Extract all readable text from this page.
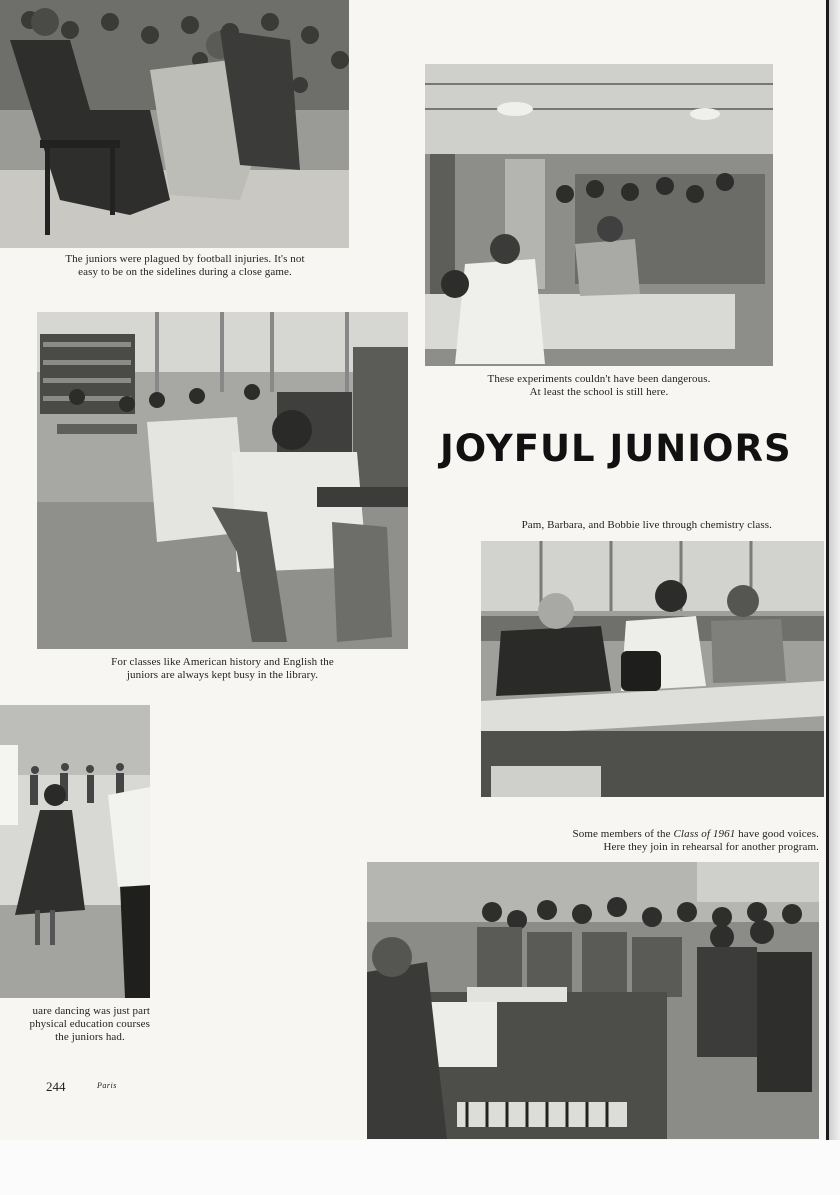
The juniors were plagued by football injuries. It's not
easy to be on the sidelines during a close game.
These experiments couldn't have been dangerous.
At least the school is still here.
JOYFUL JUNIORS
For classes like American history and English the
juniors are always kept busy in the library.
Pam, Barbara, and Bobbie live through chemistry class.
Some members of the Class of 1961 have good voices.
Here they join in rehearsal for another program.
uare dancing was just part
physical education courses
the juniors had.
244	Paris
